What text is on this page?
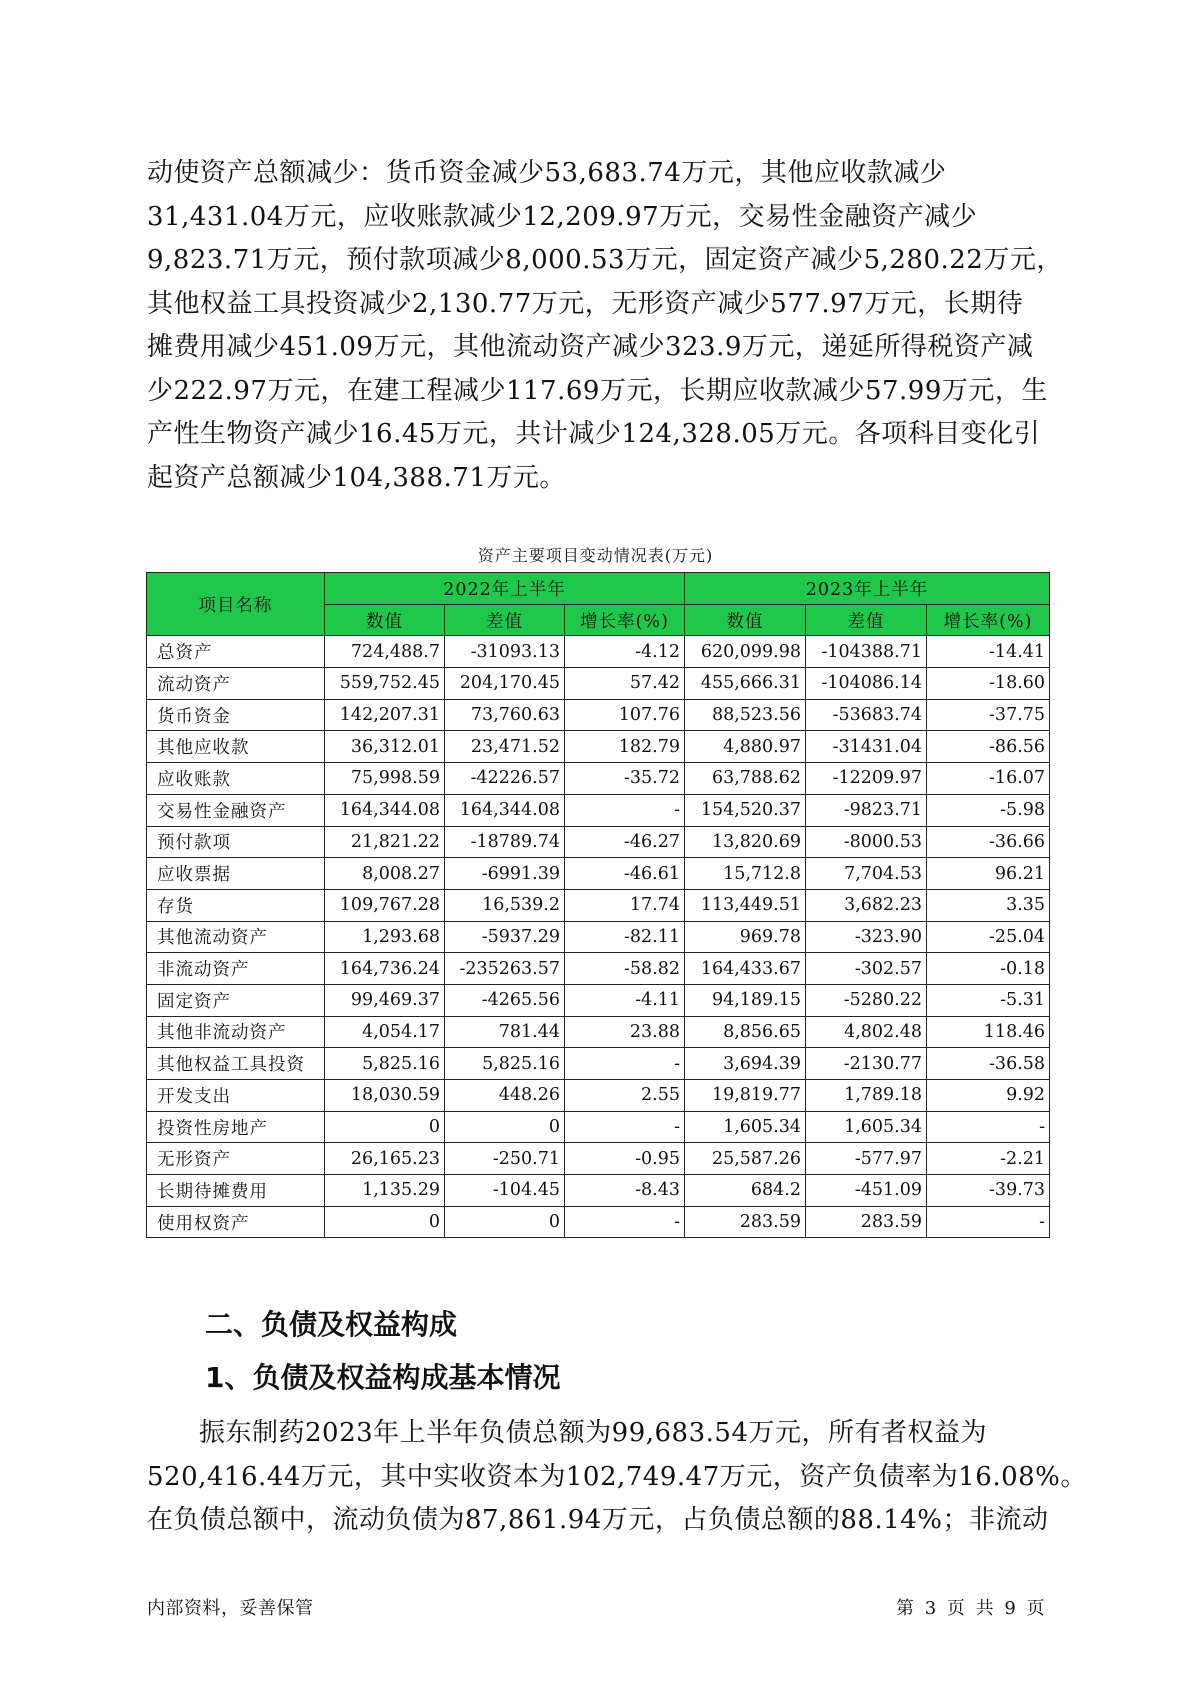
动使资产总额减少：货币资金减少53,683.74万元，其他应收款减少
31,431.04万元，应收账款减少12,209.97万元，交易性金融资产减少
9,823.71万元，预付款项减少8,000.53万元，固定资产减少5,280.22万元，
其他权益工具投资减少2,130.77万元，无形资产减少577.97万元，长期待
摊费用减少451.09万元，其他流动资产减少323.9万元，递延所得税资产减
少222.97万元，在建工程减少117.69万元，长期应收款减少57.99万元，生
产性生物资产减少16.45万元，共计减少124,328.05万元。各项科目变化引
起资产总额减少104,388.71万元。
资产主要项目变动情况表(万元)
项目名称	2022年上半年			2023年上半年		
	数值	差值	增长率(%)	数值	差值	增长率(%)
总资产	724,488.7	-31093.13	-4.12	620,099.98	-104388.71	-14.41
流动资产	559,752.45	204,170.45	57.42	455,666.31	-104086.14	-18.60
货币资金	142,207.31	73,760.63	107.76	88,523.56	-53683.74	-37.75
其他应收款	36,312.01	23,471.52	182.79	4,880.97	-31431.04	-86.56
应收账款	75,998.59	-42226.57	-35.72	63,788.62	-12209.97	-16.07
交易性金融资产	164,344.08	164,344.08	-	154,520.37	-9823.71	-5.98
预付款项	21,821.22	-18789.74	-46.27	13,820.69	-8000.53	-36.66
应收票据	8,008.27	-6991.39	-46.61	15,712.8	7,704.53	96.21
存货	109,767.28	16,539.2	17.74	113,449.51	3,682.23	3.35
其他流动资产	1,293.68	-5937.29	-82.11	969.78	-323.90	-25.04
非流动资产	164,736.24	-235263.57	-58.82	164,433.67	-302.57	-0.18
固定资产	99,469.37	-4265.56	-4.11	94,189.15	-5280.22	-5.31
其他非流动资产	4,054.17	781.44	23.88	8,856.65	4,802.48	118.46
其他权益工具投资	5,825.16	5,825.16	-	3,694.39	-2130.77	-36.58
开发支出	18,030.59	448.26	2.55	19,819.77	1,789.18	9.92
投资性房地产	0	0	-	1,605.34	1,605.34	-
无形资产	26,165.23	-250.71	-0.95	25,587.26	-577.97	-2.21
长期待摊费用	1,135.29	-104.45	-8.43	684.2	-451.09	-39.73
使用权资产	0	0	-	283.59	283.59	-
二、负债及权益构成
1、负债及权益构成基本情况
振东制药2023年上半年负债总额为99,683.54万元，所有者权益为
520,416.44万元，其中实收资本为102,749.47万元，资产负债率为16.08%。
在负债总额中，流动负债为87,861.94万元，占负债总额的88.14%；非流动
内部资料，妥善保管	第 3 页 共 9 页
